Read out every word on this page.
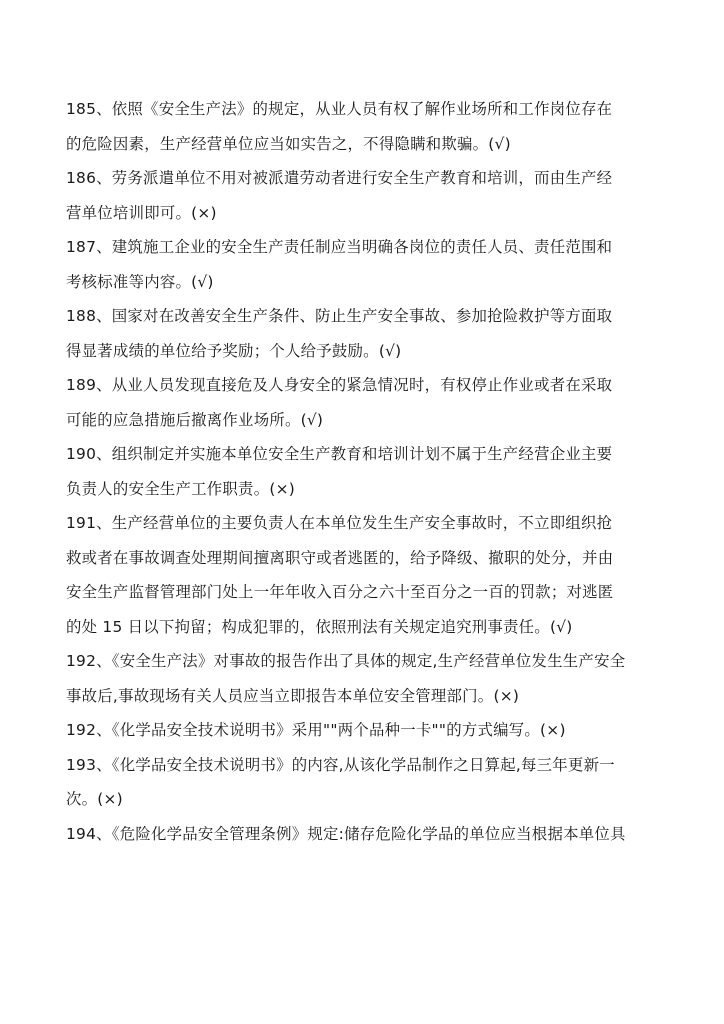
185、依照《安全生产法》的规定，从业人员有权了解作业场所和工作岗位存在
的危险因素，生产经营单位应当如实告之，不得隐瞒和欺骗。(√)
186、劳务派遣单位不用对被派遣劳动者进行安全生产教育和培训，而由生产经
营单位培训即可。(×)
187、建筑施工企业的安全生产责任制应当明确各岗位的责任人员、责任范围和
考核标准等内容。(√)
188、国家对在改善安全生产条件、防止生产安全事故、参加抢险救护等方面取
得显著成绩的单位给予奖励；个人给予鼓励。(√)
189、从业人员发现直接危及人身安全的紧急情况时，有权停止作业或者在采取
可能的应急措施后撤离作业场所。(√)
190、组织制定并实施本单位安全生产教育和培训计划不属于生产经营企业主要
负责人的安全生产工作职责。(×)
191、生产经营单位的主要负责人在本单位发生生产安全事故时，不立即组织抢
救或者在事故调查处理期间擅离职守或者逃匿的，给予降级、撤职的处分，并由
安全生产监督管理部门处上一年年收入百分之六十至百分之一百的罚款；对逃匿
的处 15 日以下拘留；构成犯罪的，依照刑法有关规定追究刑事责任。(√)
192、《安全生产法》对事故的报告作出了具体的规定,生产经营单位发生生产安全
事故后,事故现场有关人员应当立即报告本单位安全管理部门。(×)
192、《化学品安全技术说明书》采用""两个品种一卡""的方式编写。(×)
193、《化学品安全技术说明书》的内容,从该化学品制作之日算起,每三年更新一
次。(×)
194、《危险化学品安全管理条例》规定:储存危险化学品的单位应当根据本单位具
